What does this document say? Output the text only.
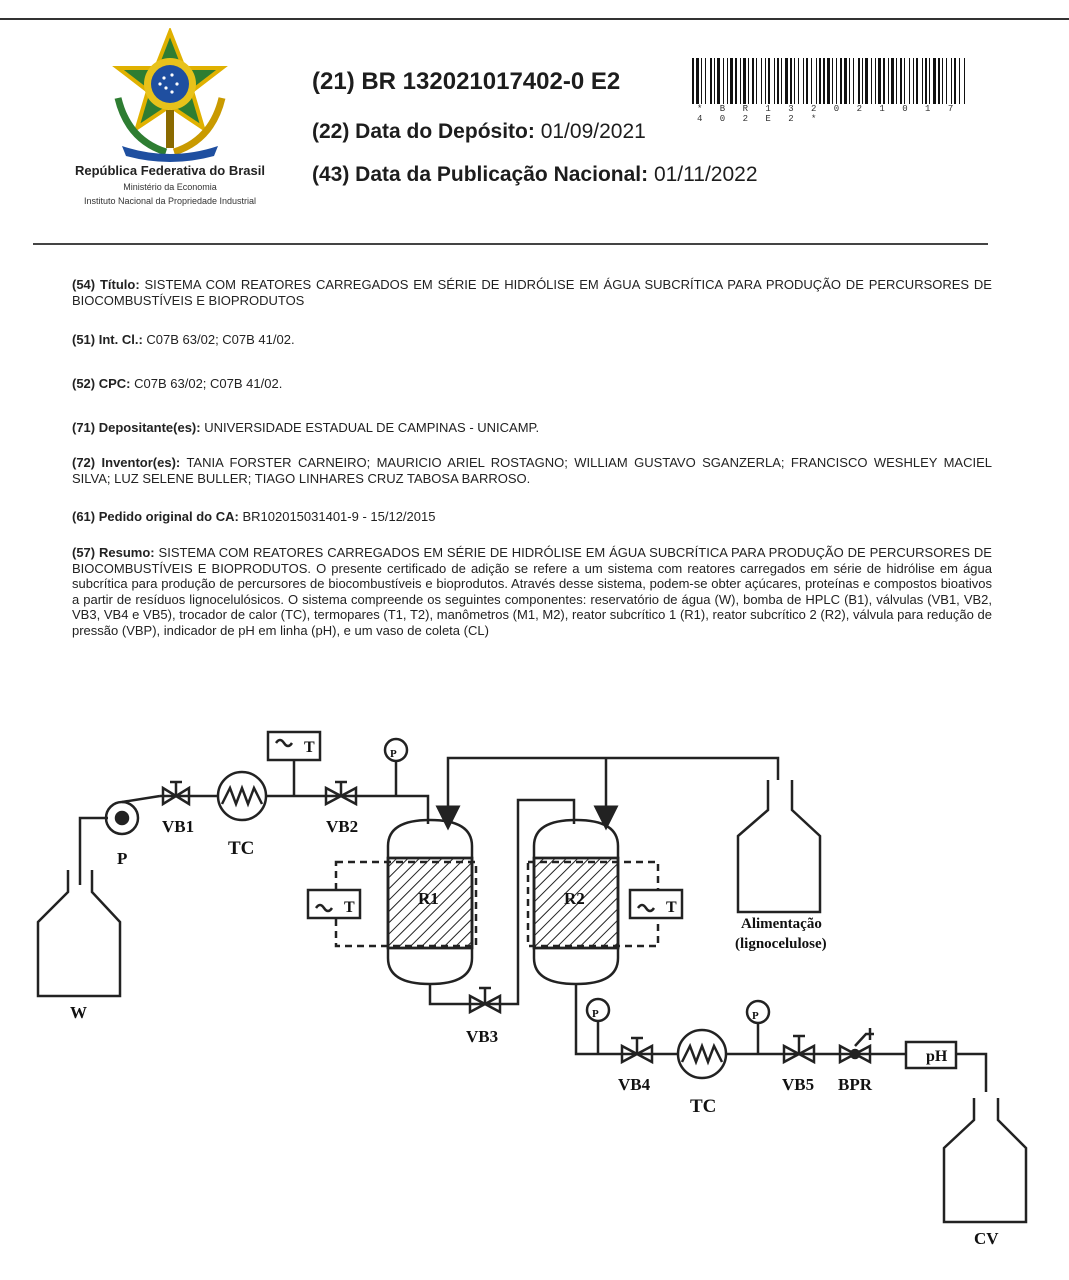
República Federativa do Brasil
Ministério da Economia
Instituto Nacional da Propriedade Industrial
(21) BR 132021017402-0 E2
(22) Data do Depósito: 01/09/2021
(43) Data da Publicação Nacional: 01/11/2022
* B R 1 3 2 0 2 1 0 1 7 4 0 2 E 2 *
(54) Título: SISTEMA COM REATORES CARREGADOS EM SÉRIE DE HIDRÓLISE EM ÁGUA SUBCRÍTICA PARA PRODUÇÃO DE PERCURSORES DE BIOCOMBUSTÍVEIS E BIOPRODUTOS
(51) Int. Cl.: C07B 63/02; C07B 41/02.
(52) CPC: C07B 63/02; C07B 41/02.
(71) Depositante(es): UNIVERSIDADE ESTADUAL DE CAMPINAS - UNICAMP.
(72) Inventor(es): TANIA FORSTER CARNEIRO; MAURICIO ARIEL ROSTAGNO; WILLIAM GUSTAVO SGANZERLA; FRANCISCO WESHLEY MACIEL SILVA; LUZ SELENE BULLER; TIAGO LINHARES CRUZ TABOSA BARROSO.
(61) Pedido original do CA: BR102015031401-9 - 15/12/2015
(57) Resumo: SISTEMA COM REATORES CARREGADOS EM SÉRIE DE HIDRÓLISE EM ÁGUA SUBCRÍTICA PARA PRODUÇÃO DE PERCURSORES DE BIOCOMBUSTÍVEIS E BIOPRODUTOS. O presente certificado de adição se refere a um sistema com reatores carregados em série de hidrólise em água subcrítica para produção de percursores de biocombustíveis e bioprodutos. Através desse sistema, podem-se obter açúcares, proteínas e compostos bioativos a partir de resíduos lignocelulósicos. O sistema compreende os seguintes componentes: reservatório de água (W), bomba de HPLC (B1), válvulas (VB1, VB2, VB3, VB4 e VB5), trocador de calor (TC), termopares (T1, T2), manômetros (M1, M2), reator subcrítico 1 (R1), reator subcrítico 2 (R2), válvula para redução de pressão (VBP), indicador de pH em linha (pH), e um vaso de coleta (CL)
W
P
VB1
TC
VB2
T	P
R1	R2
T	T
VB3
Alimentação
(lignocelulose)
P	P
VB4
TC
VB5 BPR
pH
CV
